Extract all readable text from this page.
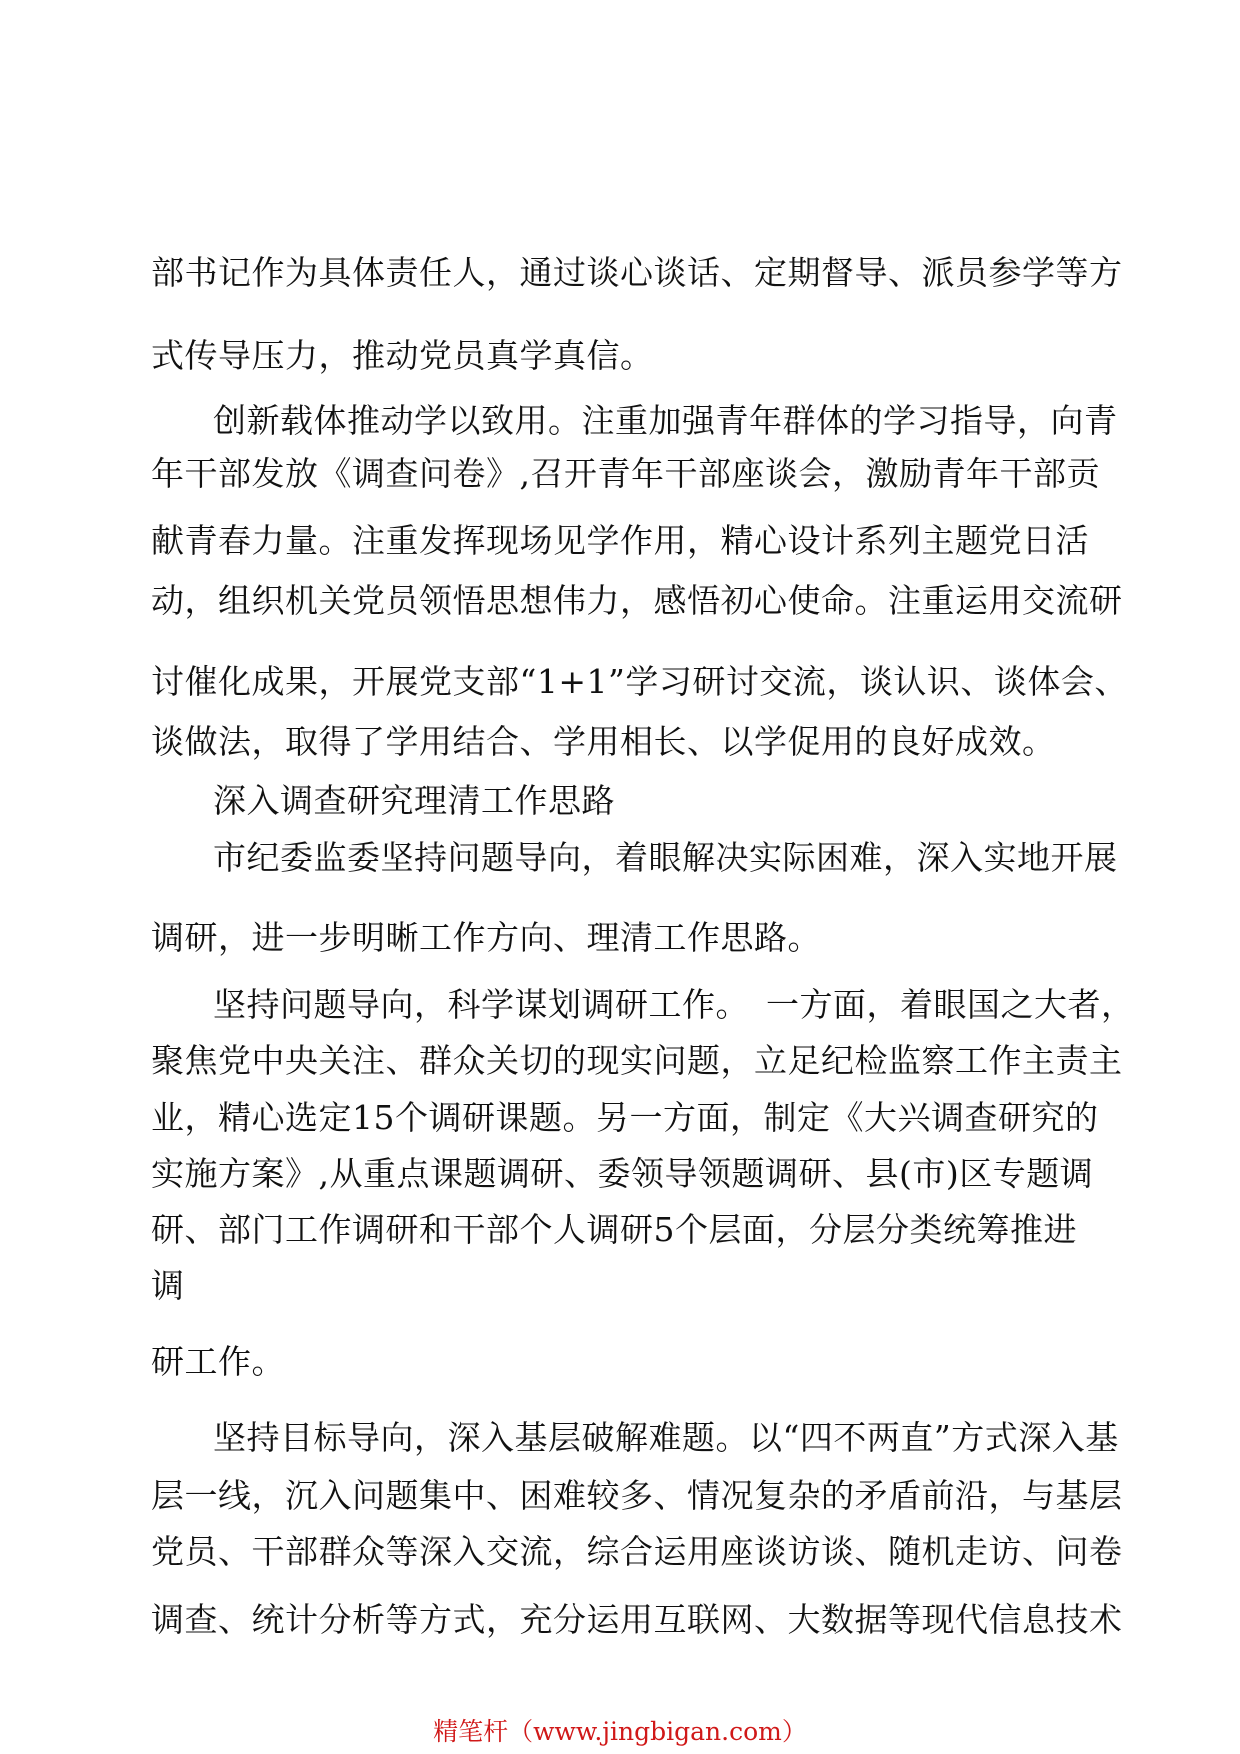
部书记作为具体责任人，通过谈心谈话、定期督导、派员参学等方
式传导压力，推动党员真学真信。
创新载体推动学以致用。注重加强青年群体的学习指导，向青
年干部发放《调查问卷》,召开青年干部座谈会，激励青年干部贡
献青春力量。注重发挥现场见学作用，精心设计系列主题党日活
动，组织机关党员领悟思想伟力，感悟初心使命。注重运用交流研
讨催化成果，开展党支部“1+1”学习研讨交流，谈认识、谈体会、
谈做法，取得了学用结合、学用相长、以学促用的良好成效。
深入调查研究理清工作思路
市纪委监委坚持问题导向，着眼解决实际困难，深入实地开展
调研，进一步明晰工作方向、理清工作思路。
坚持问题导向，科学谋划调研工作。　一方面，着眼国之大者，
聚焦党中央关注、群众关切的现实问题，立足纪检监察工作主责主
业，精心选定15个调研课题。另一方面，制定《大兴调查研究的
实施方案》,从重点课题调研、委领导领题调研、县(市)区专题调
研、部门工作调研和干部个人调研5个层面，分层分类统筹推进
调
研工作。
坚持目标导向，深入基层破解难题。以“四不两直”方式深入基
层一线，沉入问题集中、困难较多、情况复杂的矛盾前沿，与基层
党员、干部群众等深入交流，综合运用座谈访谈、随机走访、问卷
调查、统计分析等方式，充分运用互联网、大数据等现代信息技术
精笔杆（www.jingbigan.com）
